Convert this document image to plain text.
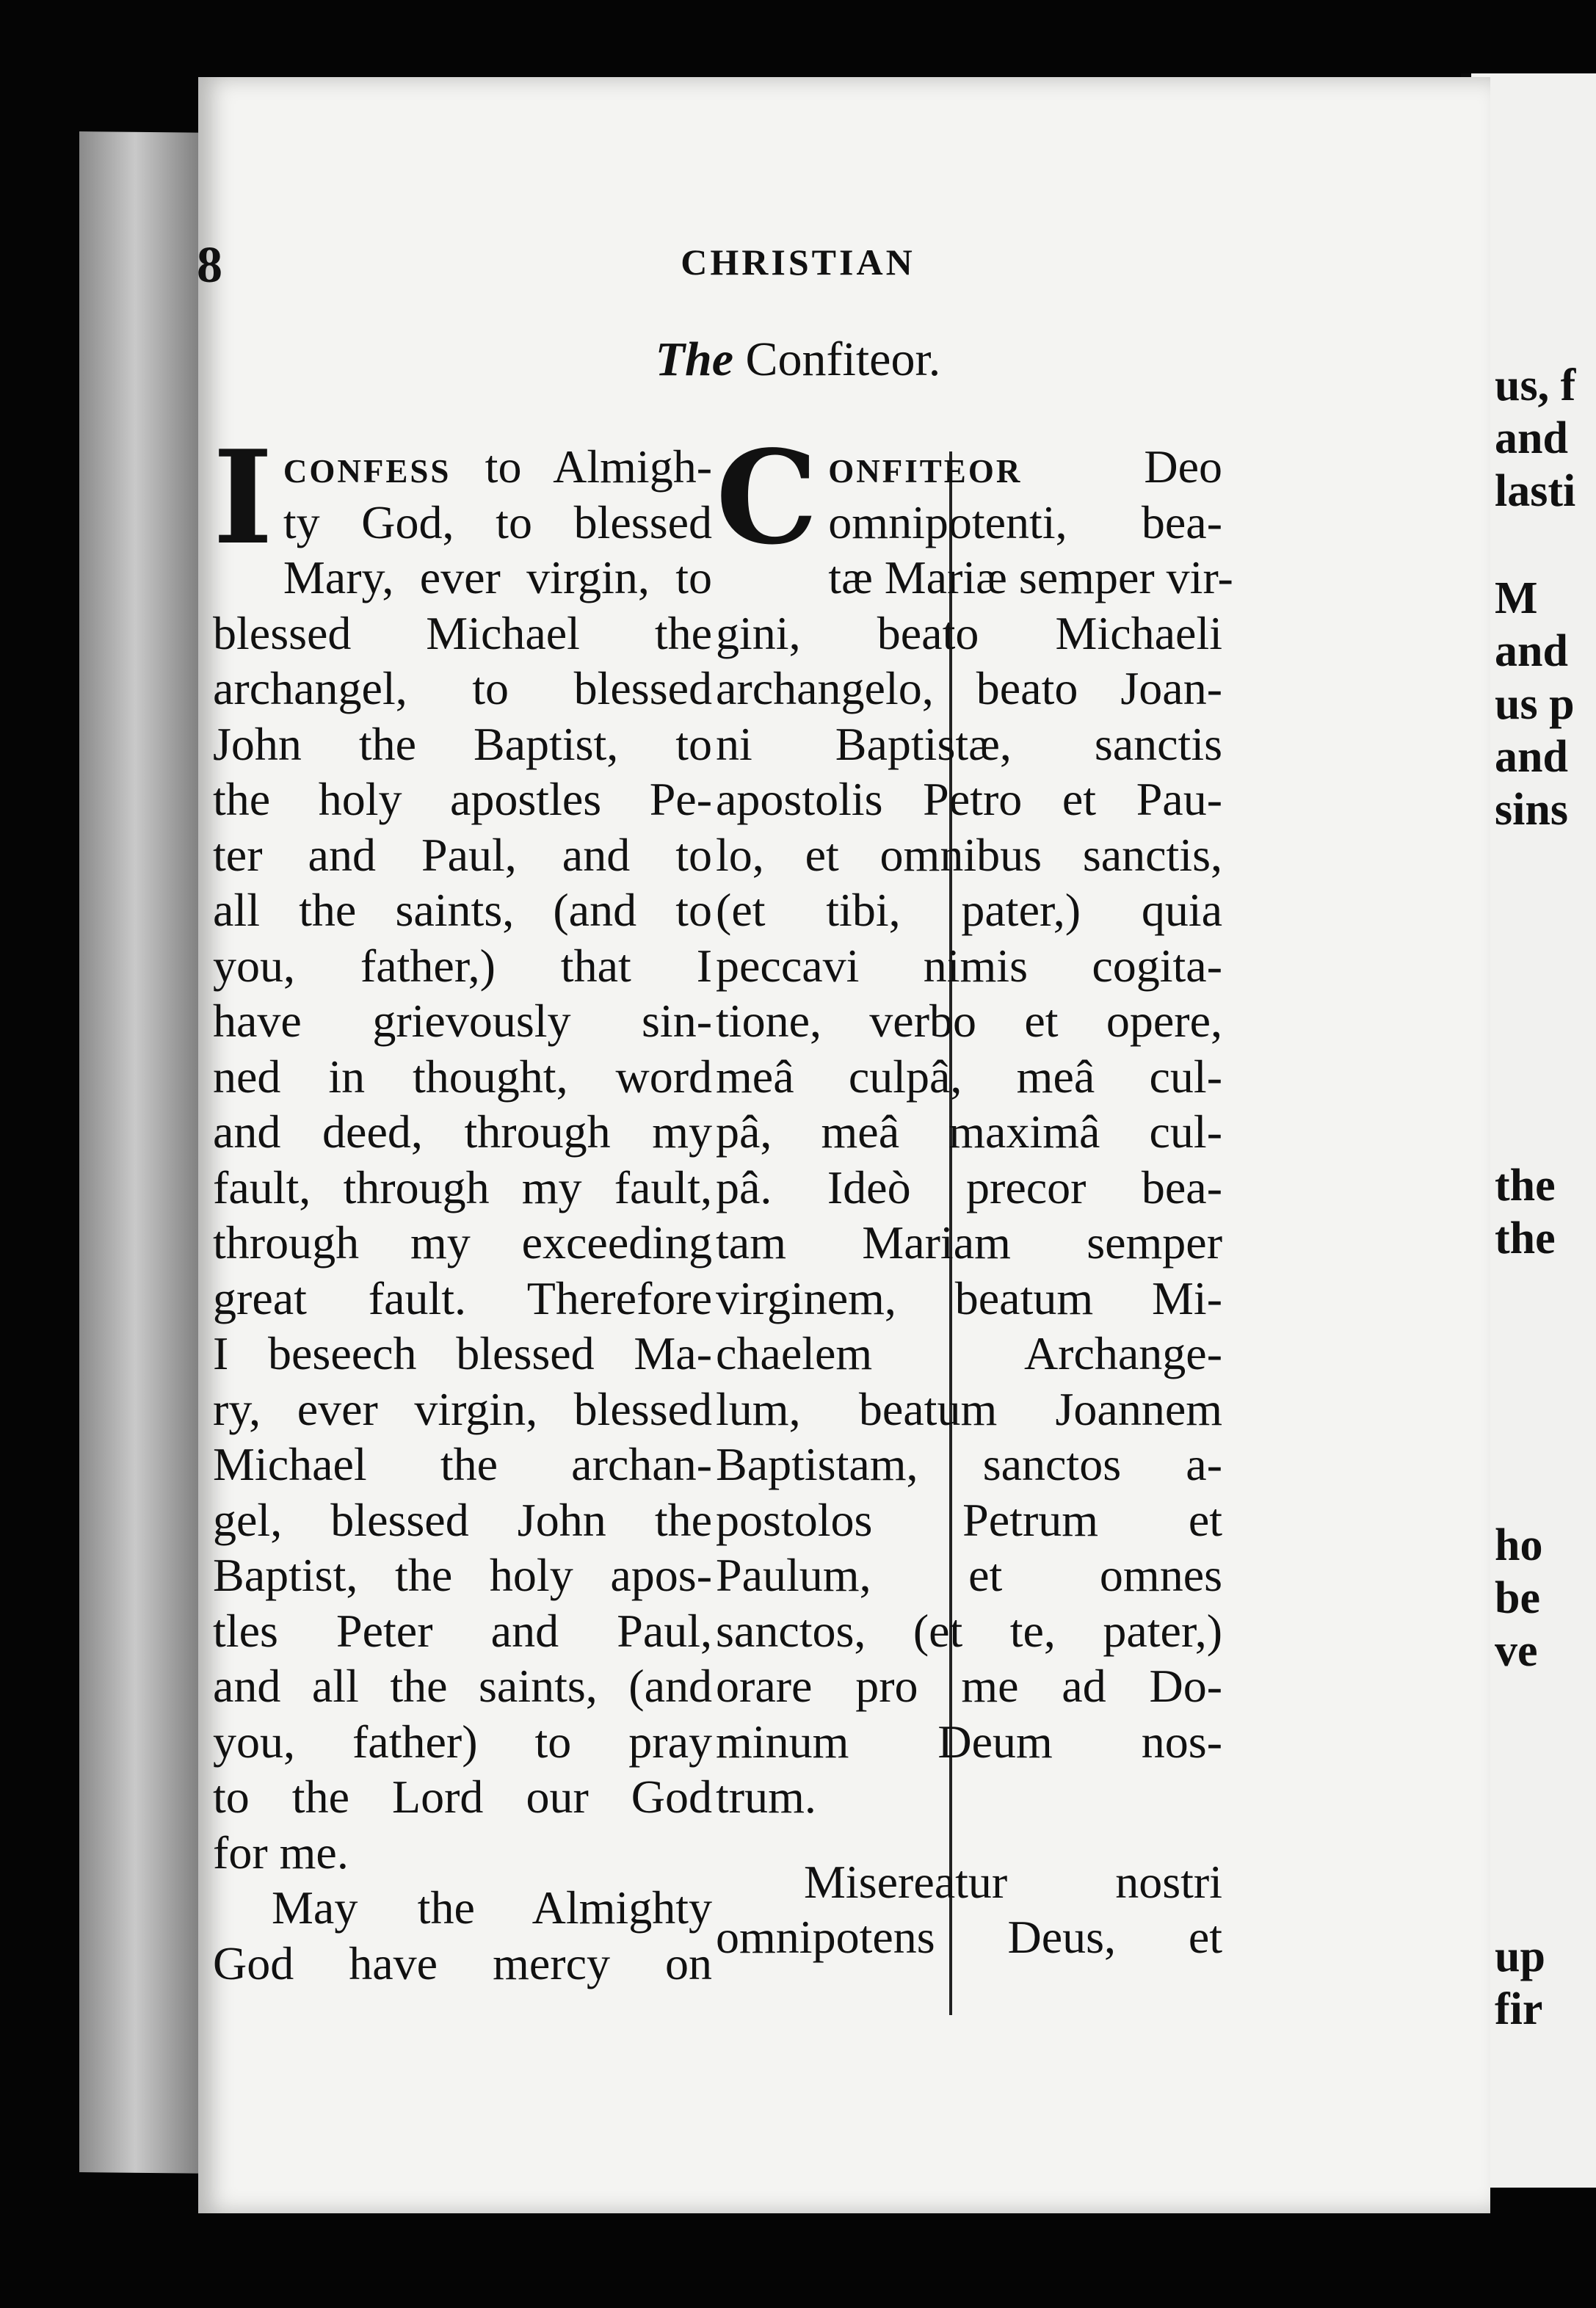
us, f
and
lasti
M
and
us p
and
sins
the
the
ho
be
ve
up
fir
8	CHRISTIAN
The Confiteor.
I confess to Almigh-
ty God, to blessed
Mary, ever virgin, to
blessed Michael the
archangel, to blessed
John the Baptist, to
the holy apostles Pe-
ter and Paul, and to
all the saints, (and to
you, father,) that I
have grievously sin-
ned in thought, word
and deed, through my
fault, through my fault,
through my exceeding
great fault. Therefore
I beseech blessed Ma-
ry, ever virgin, blessed
Michael the archan-
gel, blessed John the
Baptist, the holy apos-
tles Peter and Paul,
and all the saints, (and
you, father) to pray
to the Lord our God
for me.
May the Almighty
God have mercy on
C onfiteor Deo
omnipotenti, bea-
tæ Mariæ semper vir-
gini, beato Michaeli
archangelo, beato Joan-
ni Baptistæ, sanctis
apostolis Petro et Pau-
lo, et omnibus sanctis,
(et tibi, pater,) quia
peccavi nimis cogita-
tione, verbo et opere,
meâ culpâ, meâ cul-
pâ, meâ maximâ cul-
pâ. Ideò precor bea-
tam Mariam semper
virginem, beatum Mi-
chaelem Archange-
lum, beatum Joannem
Baptistam, sanctos a-
postolos Petrum et
Paulum, et omnes
sanctos, (et te, pater,)
orare pro me ad Do-
minum Deum nos-
trum.
Misereatur nostri
omnipotens Deus, et
